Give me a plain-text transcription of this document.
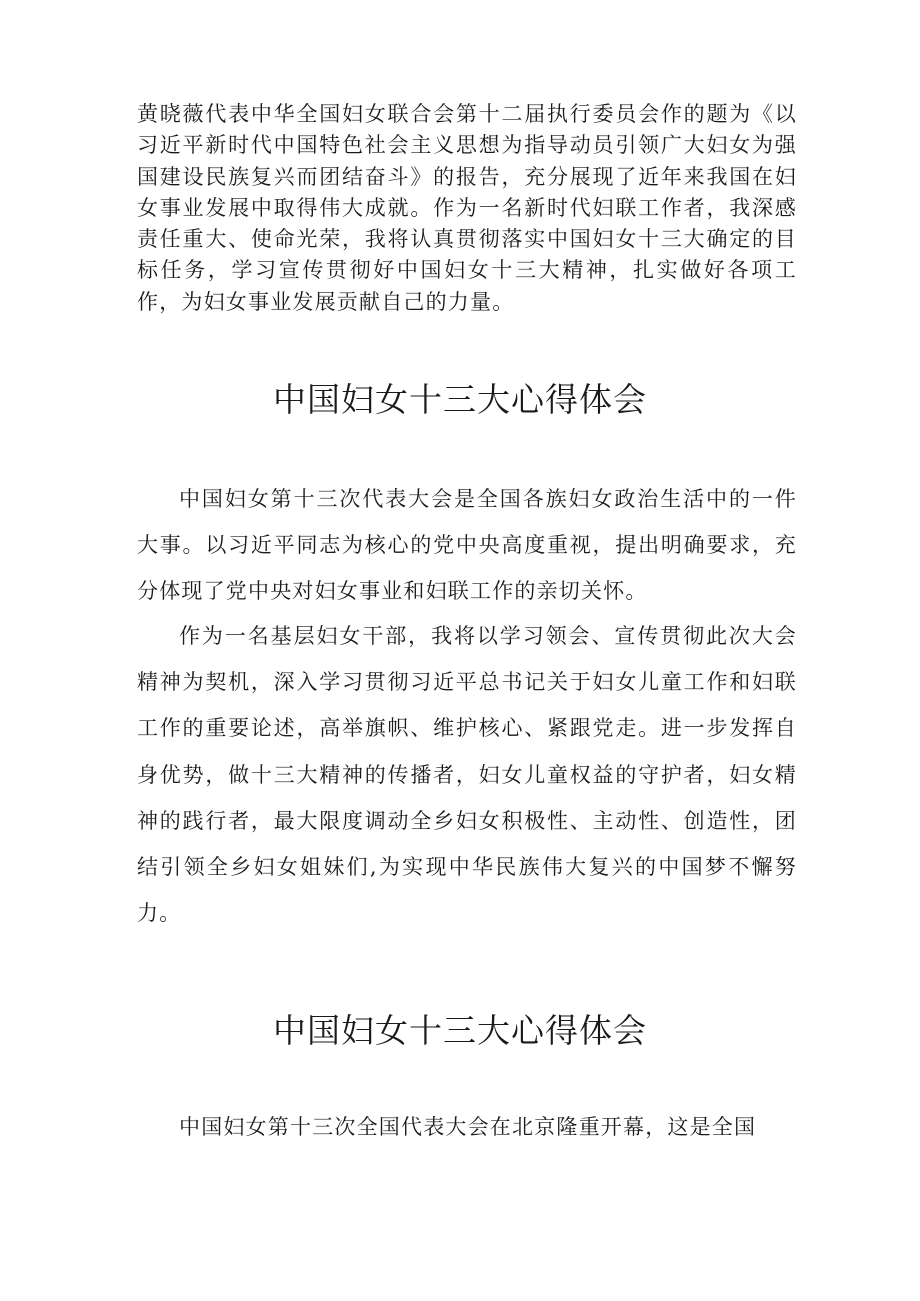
黄晓薇代表中华全国妇女联合会第十二届执行委员会作的题为《以习近平新时代中国特色社会主义思想为指导动员引领广大妇女为强国建设民族复兴而团结奋斗》的报告，充分展现了近年来我国在妇女事业发展中取得伟大成就。作为一名新时代妇联工作者，我深感责任重大、使命光荣，我将认真贯彻落实中国妇女十三大确定的目标任务，学习宣传贯彻好中国妇女十三大精神，扎实做好各项工作，为妇女事业发展贡献自己的力量。

中国妇女十三大心得体会

中国妇女第十三次代表大会是全国各族妇女政治生活中的一件大事。以习近平同志为核心的党中央高度重视，提出明确要求，充分体现了党中央对妇女事业和妇联工作的亲切关怀。

作为一名基层妇女干部，我将以学习领会、宣传贯彻此次大会精神为契机，深入学习贯彻习近平总书记关于妇女儿童工作和妇联工作的重要论述，高举旗帜、维护核心、紧跟党走。进一步发挥自身优势，做十三大精神的传播者，妇女儿童权益的守护者，妇女精神的践行者，最大限度调动全乡妇女积极性、主动性、创造性，团结引领全乡妇女姐妹们,为实现中华民族伟大复兴的中国梦不懈努力。

中国妇女十三大心得体会

中国妇女第十三次全国代表大会在北京隆重开幕，这是全国
